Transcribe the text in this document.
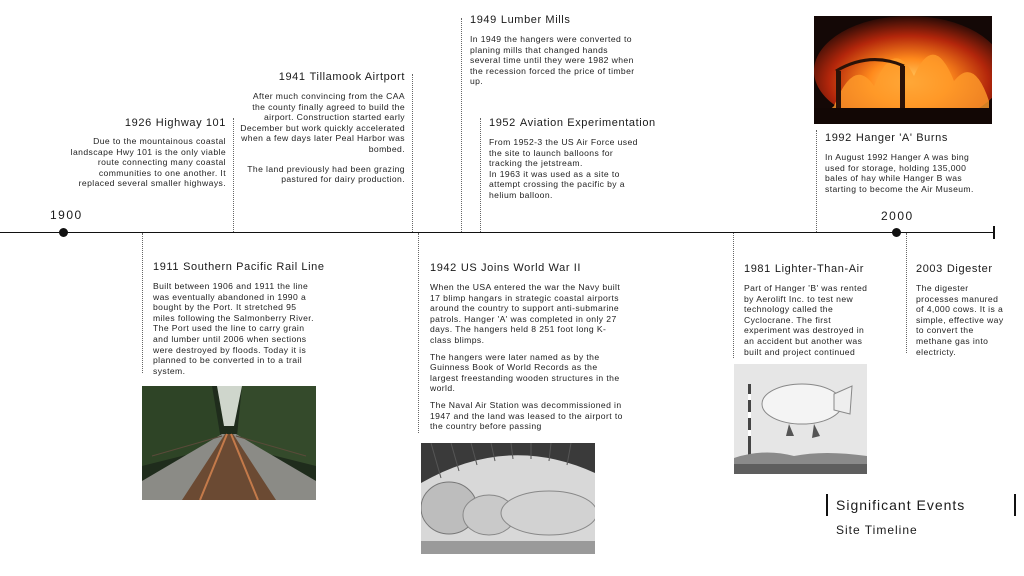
1900	2000
1926 Highway 101

Due to the mountainous coastal landscape Hwy 101 is the only viable route connecting many coastal communities to one another. It replaced several smaller highways.

1941 Tillamook Airtport

After much convincing from the CAA the county finally agreed to build the airport. Construction started early December but work quickly accelerated when a few days later Peal Harbor was bombed.

The land previously had been grazing pastured for dairy production.

1949 Lumber Mills

In 1949 the hangers were converted to planing mills that changed hands several time until they were 1982 when the recession forced the price of timber up.

1952 Aviation Experimentation

From 1952-3 the US Air Force used the site to launch balloons for tracking the jetstream.

In 1963 it was used as a site to attempt crossing the pacific by a helium balloon.

1992 Hanger 'A' Burns

In August 1992 Hanger A was bing used for storage, holding 135,000 bales of hay while Hanger B was starting to become the Air Museum.

1911 Southern Pacific Rail Line

Built between 1906 and 1911 the line was eventually abandoned in 1990 a bought by the Port. It stretched 95 miles following the Salmonberry River. The Port used the line to carry grain and lumber until 2006 when sections were destroyed by floods. Today it is planned to be converted in to a trail system.

1942 US Joins World War II

When the USA entered the war the Navy built 17 blimp hangars in strategic coastal airports around the country to support anti-submarine patrols. Hanger 'A' was completed in only 27 days. The hangers held 8 251 foot long K-class blimps.

The hangers were later named as by the Guinness Book of World Records as the largest freestanding wooden structures in the world.

The Naval Air Station was decommissioned in 1947 and the land was leased to the airport to the country before passing

1981 Lighter-Than-Air

Part of Hanger 'B' was rented by Aerolift Inc. to test new technology called the Cyclocrane. The first experiment was destroyed in an accident but another was built and project continued

2003 Digester

The digester processes manured of 4,000 cows. It is a simple, effective way to convert the methane gas into electricty.

Significant Events
Site Timeline
